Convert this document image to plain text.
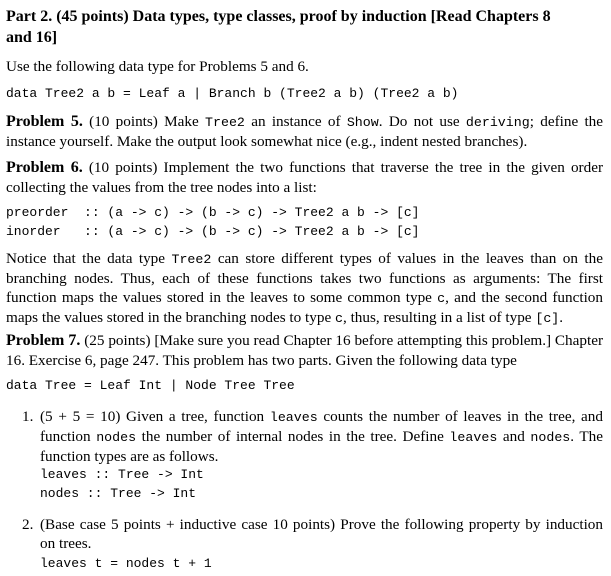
Part 2. (45 points) Data types, type classes, proof by induction [Read Chapters 8
and 16]
Use the following data type for Problems 5 and 6.
data Tree2 a b = Leaf a | Branch b (Tree2 a b) (Tree2 a b)
Problem 5. (10 points) Make Tree2 an instance of Show. Do not use deriving; define the instance yourself. Make the output look somewhat nice (e.g., indent nested branches).
Problem 6. (10 points) Implement the two functions that traverse the tree in the given order collecting the values from the tree nodes into a list:
preorder  :: (a -> c) -> (b -> c) -> Tree2 a b -> [c]
inorder   :: (a -> c) -> (b -> c) -> Tree2 a b -> [c]
Notice that the data type Tree2 can store different types of values in the leaves than on the branching nodes. Thus, each of these functions takes two functions as arguments: The first function maps the values stored in the leaves to some common type c, and the second function maps the values stored in the branching nodes to type c, thus, resulting in a list of type [c].
Problem 7. (25 points) [Make sure you read Chapter 16 before attempting this problem.] Chapter 16. Exercise 6, page 247. This problem has two parts. Given the following data type
data Tree = Leaf Int | Node Tree Tree
1. (5 + 5 = 10) Given a tree, function leaves counts the number of leaves in the tree, and function nodes the number of internal nodes in the tree. Define leaves and nodes. The function types are as follows.
leaves :: Tree -> Int
nodes :: Tree -> Int
2. (Base case 5 points + inductive case 10 points) Prove the following property by induction on trees.
leaves t = nodes t + 1
